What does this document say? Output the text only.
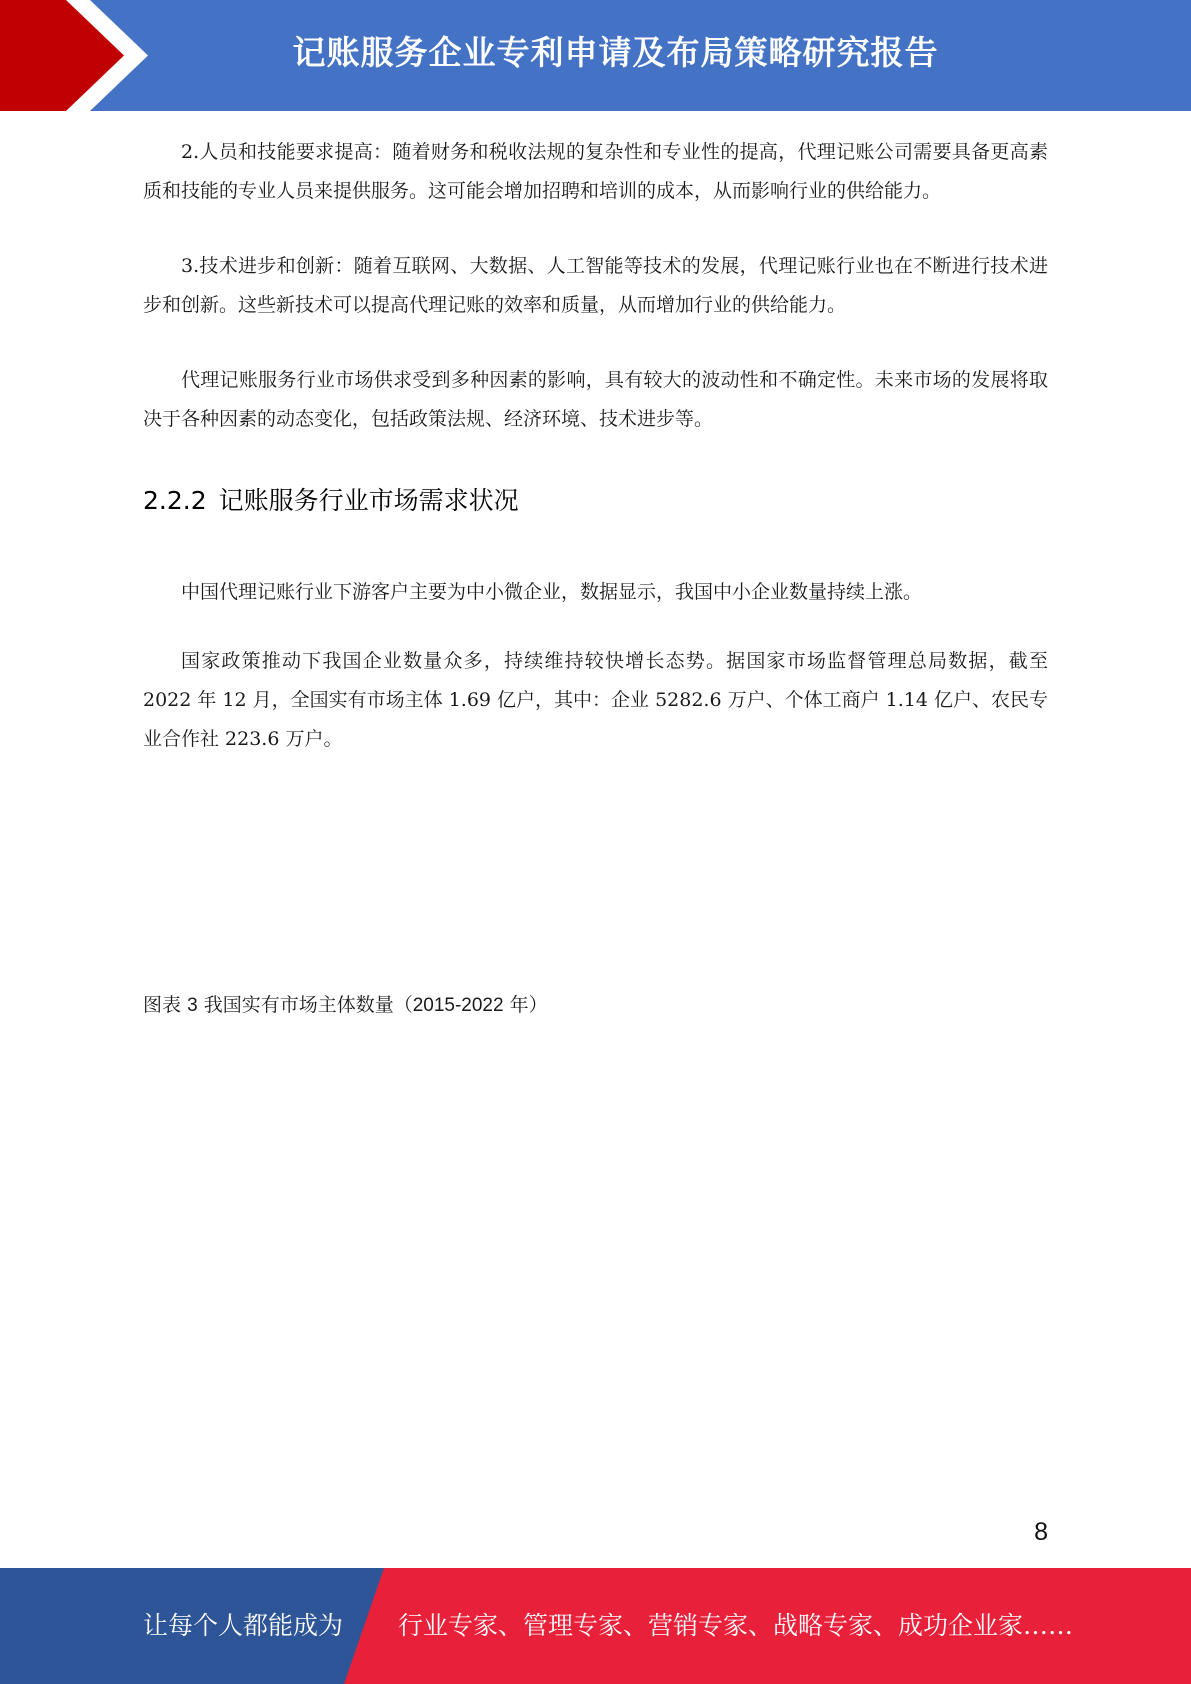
记账服务企业专利申请及布局策略研究报告

2.人员和技能要求提高：随着财务和税收法规的复杂性和专业性的提高，代理记账公司需要具备更高素质和技能的专业人员来提供服务。这可能会增加招聘和培训的成本，从而影响行业的供给能力。

3.技术进步和创新：随着互联网、大数据、人工智能等技术的发展，代理记账行业也在不断进行技术进步和创新。这些新技术可以提高代理记账的效率和质量，从而增加行业的供给能力。

代理记账服务行业市场供求受到多种因素的影响，具有较大的波动性和不确定性。未来市场的发展将取决于各种因素的动态变化，包括政策法规、经济环境、技术进步等。

2.2.2 记账服务行业市场需求状况

中国代理记账行业下游客户主要为中小微企业，数据显示，我国中小企业数量持续上涨。

国家政策推动下我国企业数量众多，持续维持较快增长态势。据国家市场监督管理总局数据，截至 2022 年 12 月，全国实有市场主体 1.69 亿户，其中：企业 5282.6 万户、个体工商户 1.14 亿户、农民专业合作社 223.6 万户。

图表 3 我国实有市场主体数量（2015-2022 年）
8
让每个人都能成为 行业专家、管理专家、营销专家、战略专家、成功企业家……
